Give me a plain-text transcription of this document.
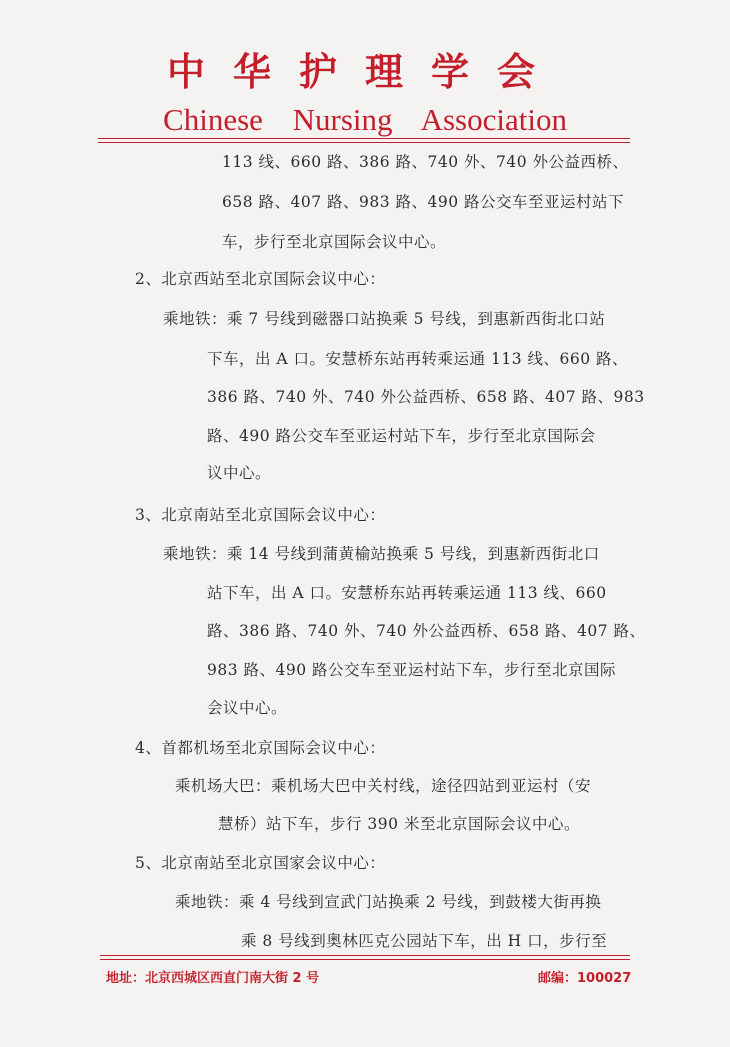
中华护理学会
Chinese Nursing Association
113 线、660 路、386 路、740 外、740 外公益西桥、
658 路、407 路、983 路、490 路公交车至亚运村站下
车，步行至北京国际会议中心。
2、北京西站至北京国际会议中心：
乘地铁：乘 7 号线到磁器口站换乘 5 号线，到惠新西街北口站
下车，出 A 口。安慧桥东站再转乘运通 113 线、660 路、
386 路、740 外、740 外公益西桥、658 路、407 路、983
路、490 路公交车至亚运村站下车，步行至北京国际会
议中心。
3、北京南站至北京国际会议中心：
乘地铁：乘 14 号线到蒲黄榆站换乘 5 号线，到惠新西街北口
站下车，出 A 口。安慧桥东站再转乘运通 113 线、660
路、386 路、740 外、740 外公益西桥、658 路、407 路、
983 路、490 路公交车至亚运村站下车，步行至北京国际
会议中心。
4、首都机场至北京国际会议中心：
乘机场大巴：乘机场大巴中关村线，途径四站到亚运村（安
慧桥）站下车，步行 390 米至北京国际会议中心。
5、北京南站至北京国家会议中心：
乘地铁：乘 4 号线到宣武门站换乘 2 号线，到鼓楼大街再换
乘 8 号线到奥林匹克公园站下车，出 H 口，步行至
地址：北京西城区西直门南大街 2 号	邮编：100027
